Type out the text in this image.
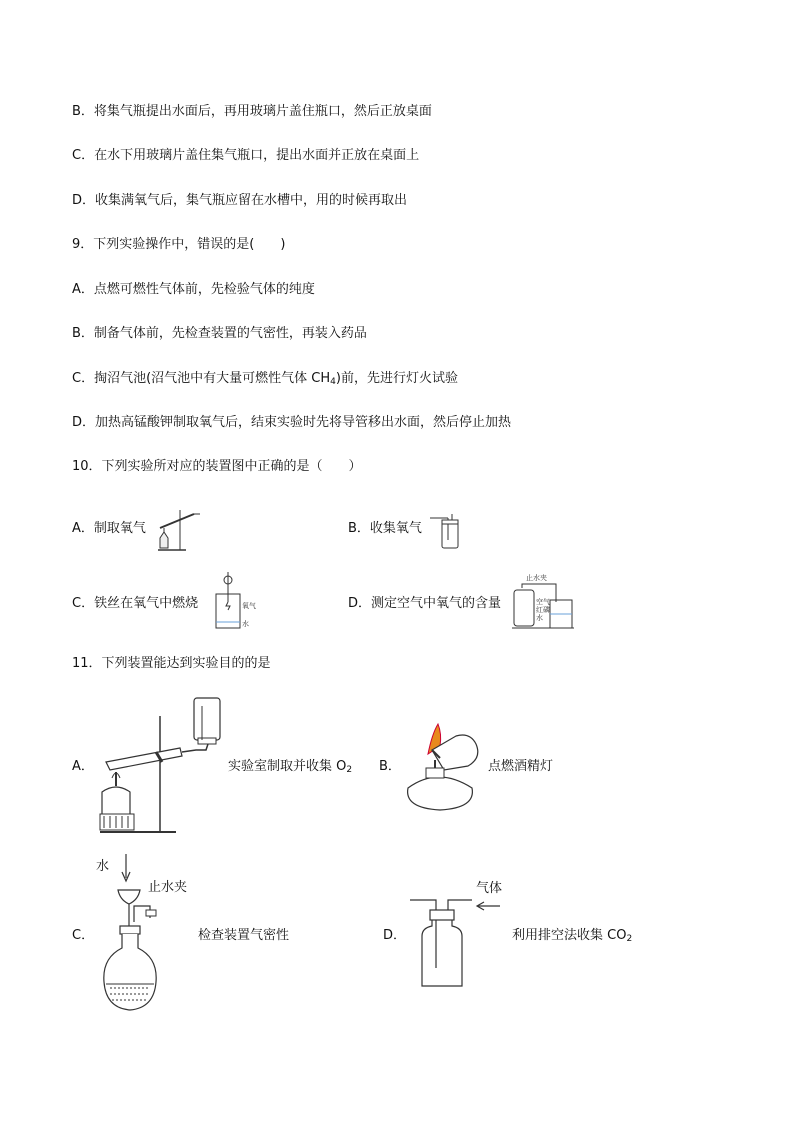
B．将集气瓶提出水面后，再用玻璃片盖住瓶口，然后正放桌面
C．在水下用玻璃片盖住集气瓶口，提出水面并正放在桌面上
D．收集满氧气后，集气瓶应留在水槽中，用的时候再取出
9．下列实验操作中，错误的是(　　)
A．点燃可燃性气体前，先检验气体的纯度
B．制备气体前，先检查装置的气密性，再装入药品
C．掏沼气池(沼气池中有大量可燃性气体 $CH_4$)前，先进行灯火试验
D．加热高锰酸钾制取氧气后，结束实验时先将导管移出水面，然后停止加热
10．下列实验所对应的装置图中正确的是（　　）
A．制取氧气	B．收集氧气
C．铁丝在氧气中燃烧	D．测定空气中氧气的含量
氧气
水
止水夹
空气
红磷
水
11．下列装置能达到实验目的的是
A．	实验室制取并收集 $O_2$ B．	点燃酒精灯
水
止水夹
C．	检查装置气密性
气体
D．	利用排空法收集 $CO_2$
